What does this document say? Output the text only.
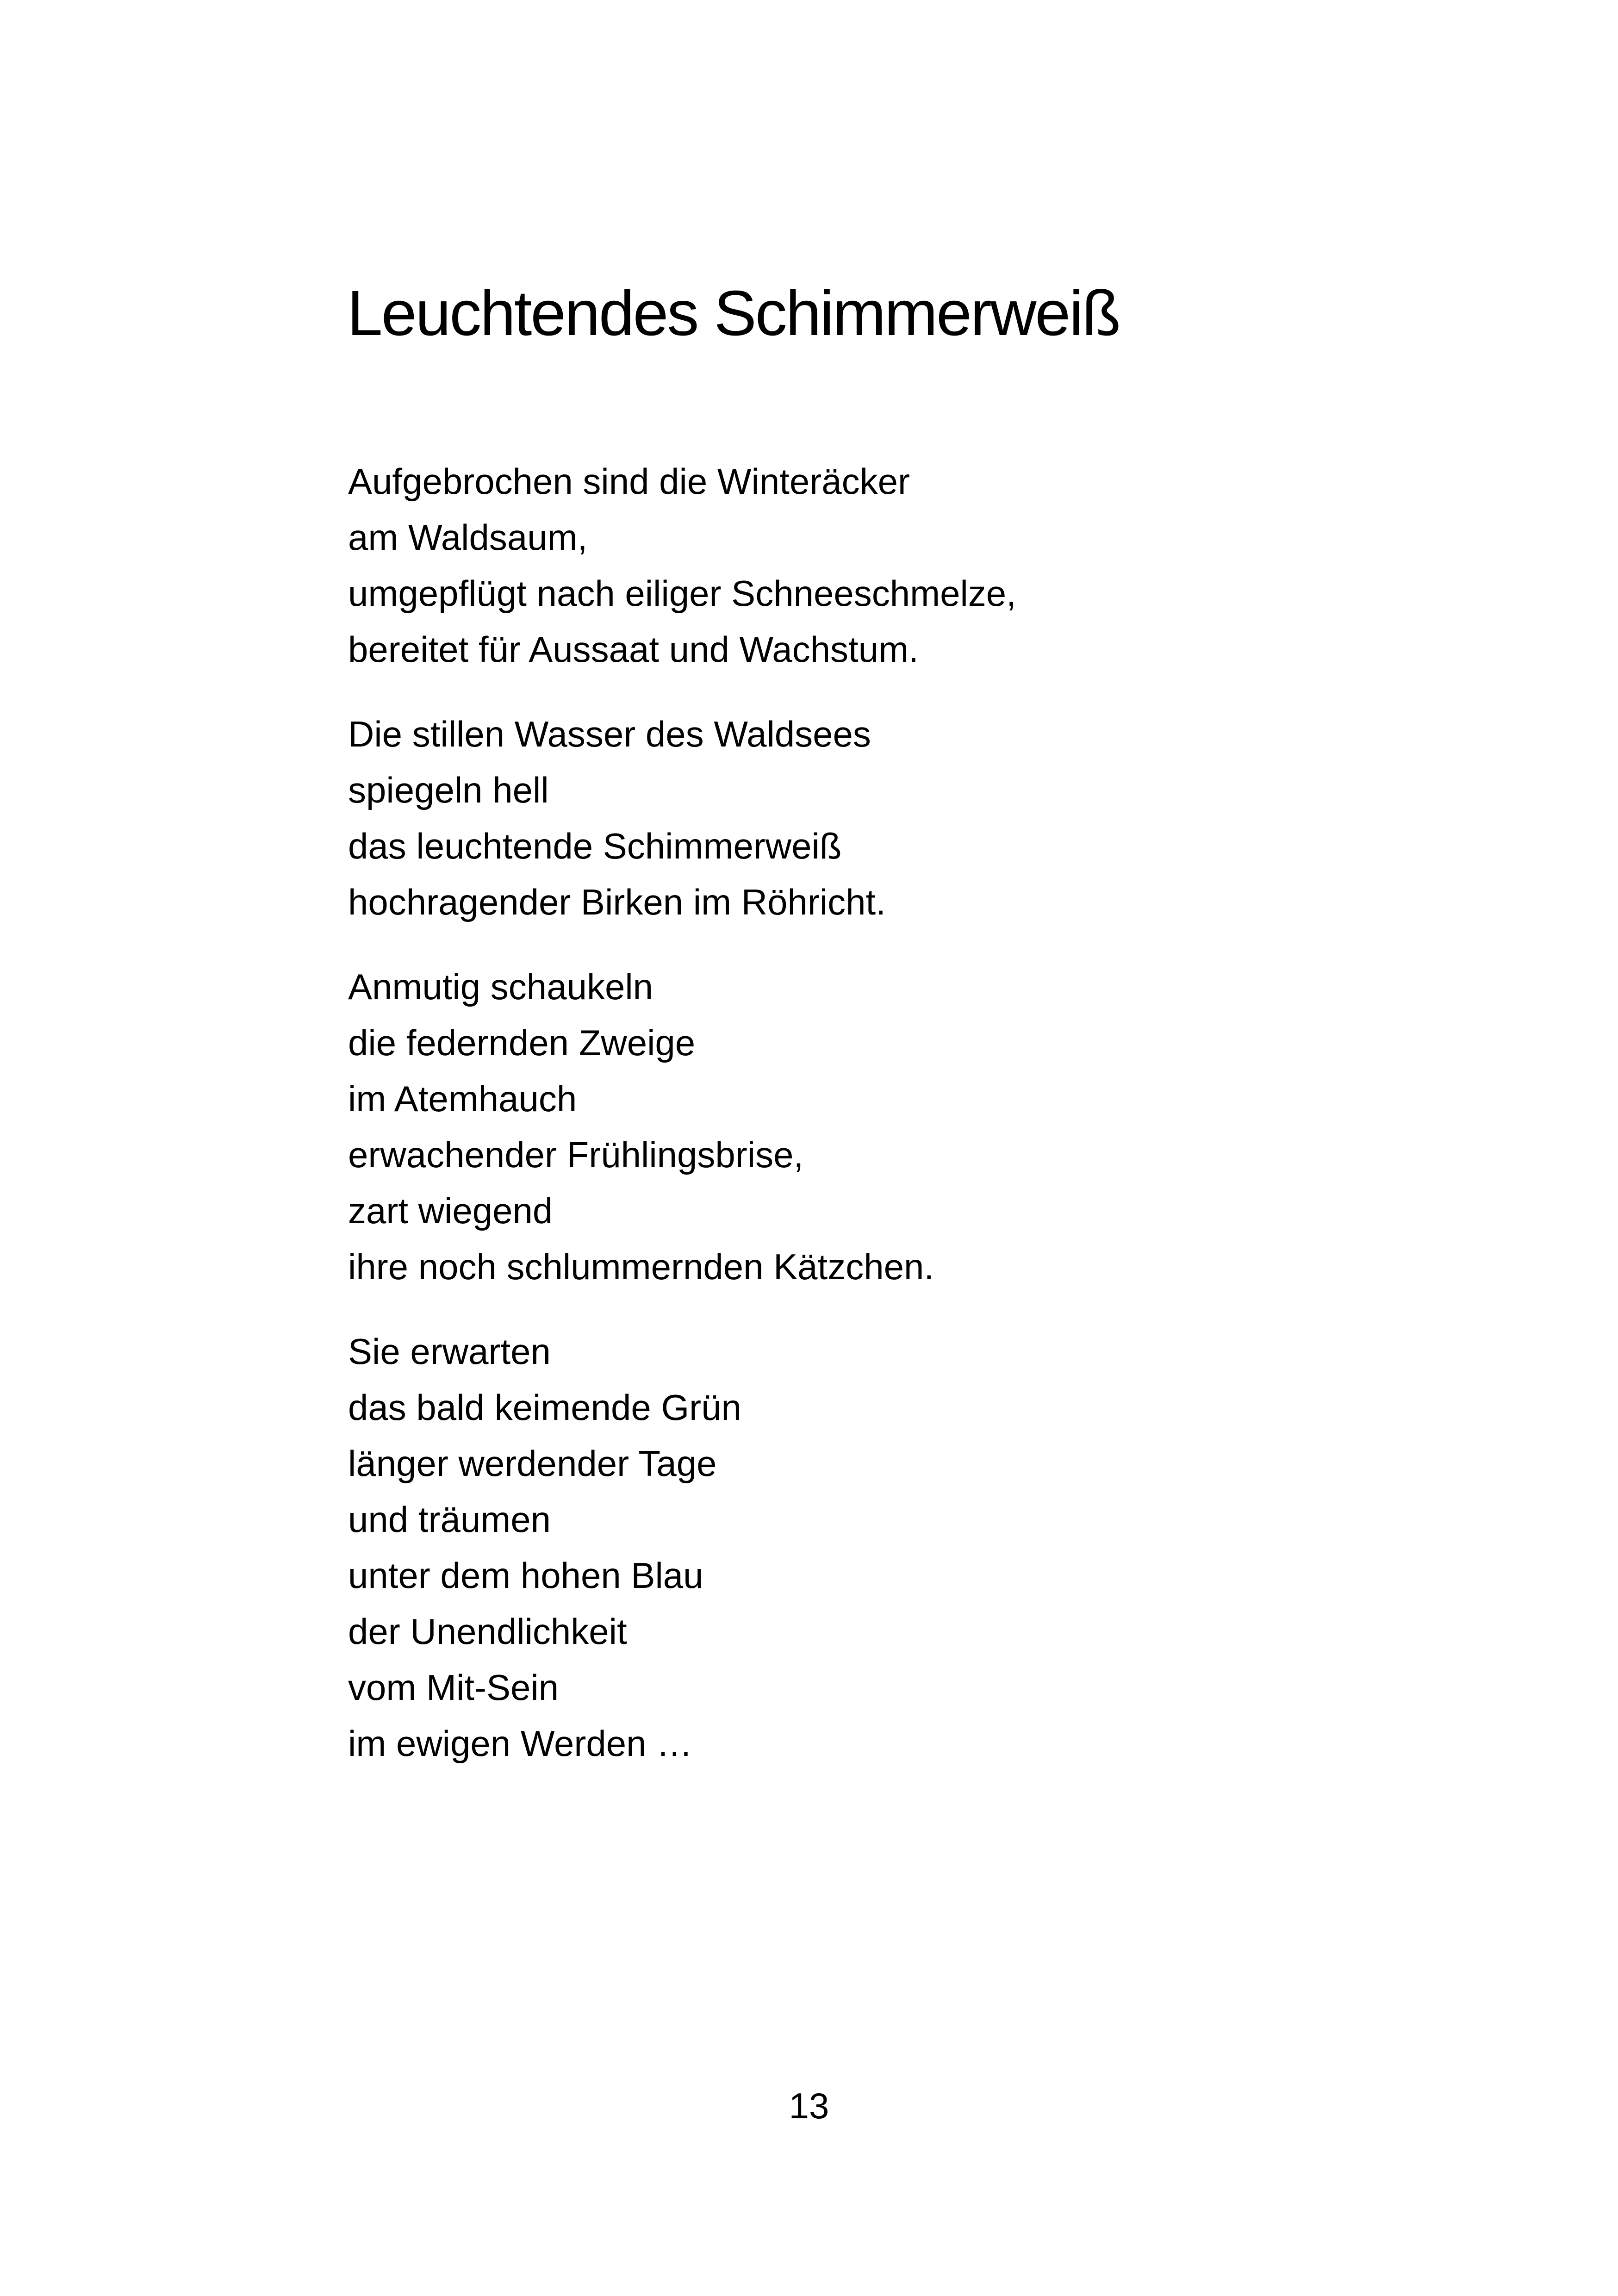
Leuchtendes Schimmerweiß
Aufgebrochen sind die Winteräcker
am Waldsaum,
umgepflügt nach eiliger Schneeschmelze,
bereitet für Aussaat und Wachstum.
Die stillen Wasser des Waldsees
spiegeln hell
das leuchtende Schimmerweiß
hochragender Birken im Röhricht.
Anmutig schaukeln
die federnden Zweige
im Atemhauch
erwachender Frühlingsbrise,
zart wiegend
ihre noch schlummernden Kätzchen.
Sie erwarten
das bald keimende Grün
länger werdender Tage
und träumen
unter dem hohen Blau
der Unendlichkeit
vom Mit-Sein
im ewigen Werden …
13
